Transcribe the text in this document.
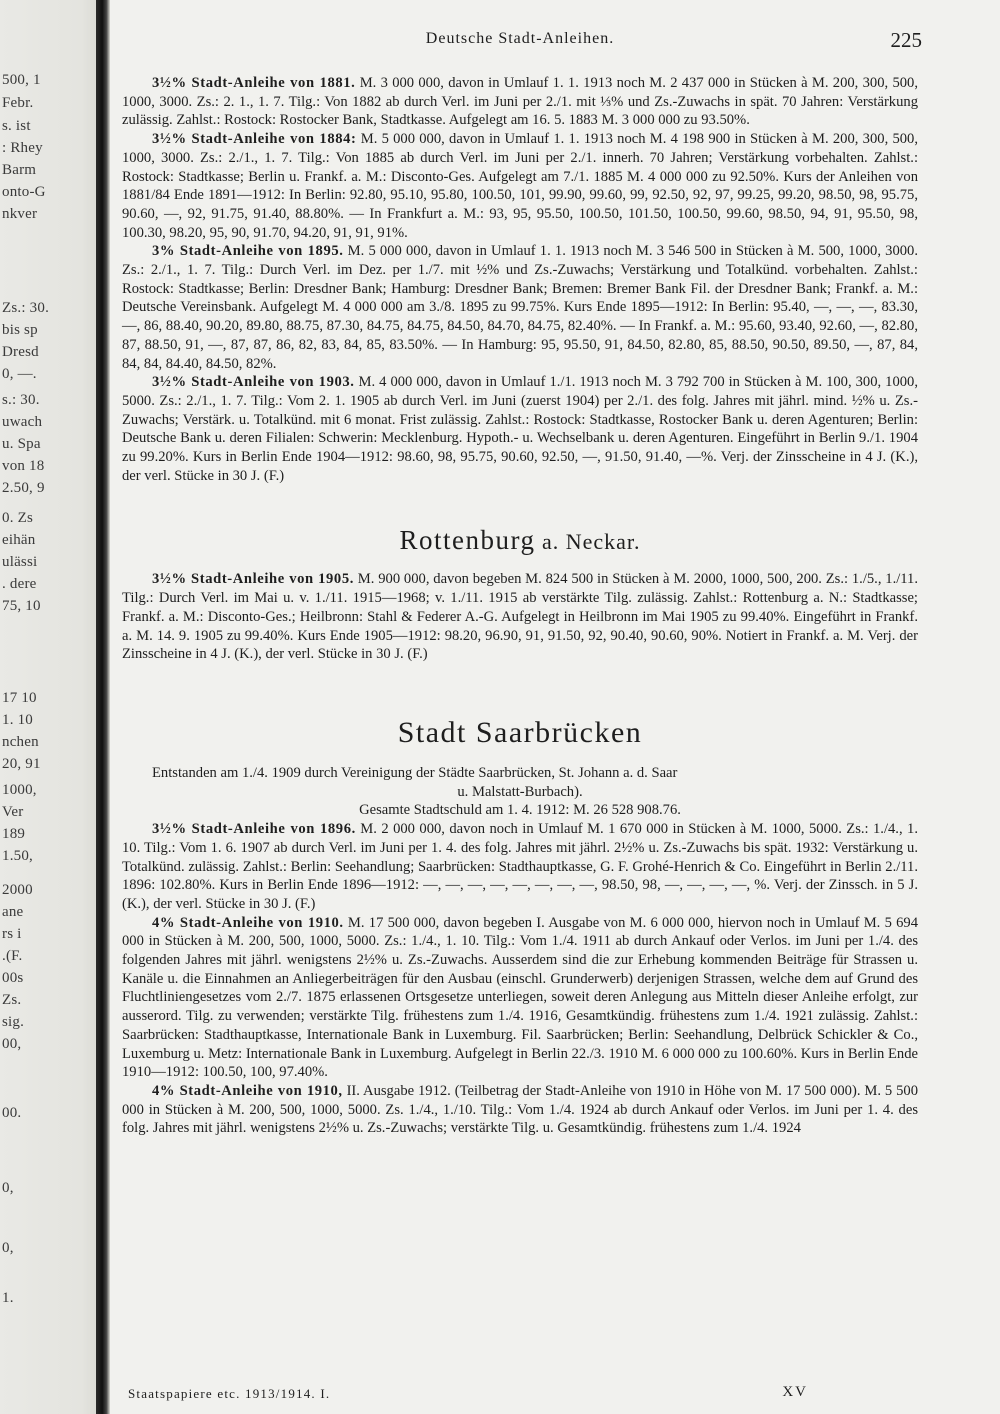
500, 1
Febr.
s. ist
: Rhey
Barm
onto-G
nkver
Zs.: 30.
bis sp
Dresd
0, —.
s.: 30.
uwach
u. Spa
von 18
2.50, 9
0. Zs
eihän
ulässi
. dere
75, 10
17 10
1. 10
nchen
20, 91
1000,
Ver
189
1.50,
2000
ane
rs i
.(F.
00s
Zs.
sig.
00,
00.
0,
0,
1.
Deutsche Stadt-Anleihen.	225

3½% Stadt-Anleihe von 1881. M. 3 000 000, davon in Umlauf 1. 1. 1913 noch M. 2 437 000 in Stücken à M. 200, 300, 500, 1000, 3000. Zs.: 2. 1., 1. 7. Tilg.: Von 1882 ab durch Verl. im Juni per 2./1. mit ⅓% und Zs.-Zuwachs in spät. 70 Jahren: Verstärkung zulässig. Zahlst.: Rostock: Rostocker Bank, Stadtkasse. Aufgelegt am 16. 5. 1883 M. 3 000 000 zu 93.50%.

3½% Stadt-Anleihe von 1884: M. 5 000 000, davon in Umlauf 1. 1. 1913 noch M. 4 198 900 in Stücken à M. 200, 300, 500, 1000, 3000. Zs.: 2./1., 1. 7. Tilg.: Von 1885 ab durch Verl. im Juni per 2./1. innerh. 70 Jahren; Verstärkung vorbehalten. Zahlst.: Rostock: Stadtkasse; Berlin u. Frankf. a. M.: Disconto-Ges. Aufgelegt am 7./1. 1885 M. 4 000 000 zu 92.50%. Kurs der Anleihen von 1881/84 Ende 1891—1912: In Berlin: 92.80, 95.10, 95.80, 100.50, 101, 99.90, 99.60, 99, 92.50, 92, 97, 99.25, 99.20, 98.50, 98, 95.75, 90.60, —, 92, 91.75, 91.40, 88.80%. — In Frankfurt a. M.: 93, 95, 95.50, 100.50, 101.50, 100.50, 99.60, 98.50, 94, 91, 95.50, 98, 100.30, 98.20, 95, 90, 91.70, 94.20, 91, 91, 91%.

3% Stadt-Anleihe von 1895. M. 5 000 000, davon in Umlauf 1. 1. 1913 noch M. 3 546 500 in Stücken à M. 500, 1000, 3000. Zs.: 2./1., 1. 7. Tilg.: Durch Verl. im Dez. per 1./7. mit ½% und Zs.-Zuwachs; Verstärkung und Totalkünd. vorbehalten. Zahlst.: Rostock: Stadtkasse; Berlin: Dresdner Bank; Hamburg: Dresdner Bank; Bremen: Bremer Bank Fil. der Dresdner Bank; Frankf. a. M.: Deutsche Vereinsbank. Aufgelegt M. 4 000 000 am 3./8. 1895 zu 99.75%. Kurs Ende 1895—1912: In Berlin: 95.40, —, —, —, 83.30, —, 86, 88.40, 90.20, 89.80, 88.75, 87.30, 84.75, 84.75, 84.50, 84.70, 84.75, 82.40%. — In Frankf. a. M.: 95.60, 93.40, 92.60, —, 82.80, 87, 88.50, 91, —, 87, 87, 86, 82, 83, 84, 85, 83.50%. — In Hamburg: 95, 95.50, 91, 84.50, 82.80, 85, 88.50, 90.50, 89.50, —, 87, 84, 84, 84, 84.40, 84.50, 82%.

3½% Stadt-Anleihe von 1903. M. 4 000 000, davon in Umlauf 1./1. 1913 noch M. 3 792 700 in Stücken à M. 100, 300, 1000, 5000. Zs.: 2./1., 1. 7. Tilg.: Vom 2. 1. 1905 ab durch Verl. im Juni (zuerst 1904) per 2./1. des folg. Jahres mit jährl. mind. ½% u. Zs.-Zuwachs; Verstärk. u. Totalkünd. mit 6 monat. Frist zulässig. Zahlst.: Rostock: Stadtkasse, Rostocker Bank u. deren Agenturen; Berlin: Deutsche Bank u. deren Filialen: Schwerin: Mecklenburg. Hypoth.- u. Wechselbank u. deren Agenturen. Eingeführt in Berlin 9./1. 1904 zu 99.20%. Kurs in Berlin Ende 1904—1912: 98.60, 98, 95.75, 90.60, 92.50, —, 91.50, 91.40, —%. Verj. der Zinsscheine in 4 J. (K.), der verl. Stücke in 30 J. (F.)

Rottenburg a. Neckar.

3½% Stadt-Anleihe von 1905. M. 900 000, davon begeben M. 824 500 in Stücken à M. 2000, 1000, 500, 200. Zs.: 1./5., 1./11. Tilg.: Durch Verl. im Mai u. v. 1./11. 1915—1968; v. 1./11. 1915 ab verstärkte Tilg. zulässig. Zahlst.: Rottenburg a. N.: Stadtkasse; Frankf. a. M.: Disconto-Ges.; Heilbronn: Stahl & Federer A.-G. Aufgelegt in Heilbronn im Mai 1905 zu 99.40%. Eingeführt in Frankf. a. M. 14. 9. 1905 zu 99.40%. Kurs Ende 1905—1912: 98.20, 96.90, 91, 91.50, 92, 90.40, 90.60, 90%. Notiert in Frankf. a. M. Verj. der Zinsscheine in 4 J. (K.), der verl. Stücke in 30 J. (F.)

Stadt Saarbrücken

Entstanden am 1./4. 1909 durch Vereinigung der Städte Saarbrücken, St. Johann a. d. Saar

u. Malstatt-Burbach).

Gesamte Stadtschuld am 1. 4. 1912: M. 26 528 908.76.

3½% Stadt-Anleihe von 1896. M. 2 000 000, davon noch in Umlauf M. 1 670 000 in Stücken à M. 1000, 5000. Zs.: 1./4., 1. 10. Tilg.: Vom 1. 6. 1907 ab durch Verl. im Juni per 1. 4. des folg. Jahres mit jährl. 2½% u. Zs.-Zuwachs bis spät. 1932: Verstärkung u. Totalkünd. zulässig. Zahlst.: Berlin: Seehandlung; Saarbrücken: Stadthauptkasse, G. F. Grohé-Henrich & Co. Eingeführt in Berlin 2./11. 1896: 102.80%. Kurs in Berlin Ende 1896—1912: —, —, —, —, —, —, —, —, 98.50, 98, —, —, —, —, %. Verj. der Zinssch. in 5 J. (K.), der verl. Stücke in 30 J. (F.)

4% Stadt-Anleihe von 1910. M. 17 500 000, davon begeben I. Ausgabe von M. 6 000 000, hiervon noch in Umlauf M. 5 694 000 in Stücken à M. 200, 500, 1000, 5000. Zs.: 1./4., 1. 10. Tilg.: Vom 1./4. 1911 ab durch Ankauf oder Verlos. im Juni per 1./4. des folgenden Jahres mit jährl. wenigstens 2½% u. Zs.-Zuwachs. Ausserdem sind die zur Erhebung kommenden Beiträge für Strassen u. Kanäle u. die Einnahmen an Anliegerbeiträgen für den Ausbau (einschl. Grunderwerb) derjenigen Strassen, welche dem auf Grund des Fluchtliniengesetzes vom 2./7. 1875 erlassenen Ortsgesetze unterliegen, soweit deren Anlegung aus Mitteln dieser Anleihe erfolgt, zur ausserord. Tilg. zu verwenden; verstärkte Tilg. frühestens zum 1./4. 1916, Gesamtkündig. frühestens zum 1./4. 1921 zulässig. Zahlst.: Saarbrücken: Stadthauptkasse, Internationale Bank in Luxemburg. Fil. Saarbrücken; Berlin: Seehandlung, Delbrück Schickler & Co., Luxemburg u. Metz: Internationale Bank in Luxemburg. Aufgelegt in Berlin 22./3. 1910 M. 6 000 000 zu 100.60%. Kurs in Berlin Ende 1910—1912: 100.50, 100, 97.40%.

4% Stadt-Anleihe von 1910, II. Ausgabe 1912. (Teilbetrag der Stadt-Anleihe von 1910 in Höhe von M. 17 500 000). M. 5 500 000 in Stücken à M. 200, 500, 1000, 5000. Zs. 1./4., 1./10. Tilg.: Vom 1./4. 1924 ab durch Ankauf oder Verlos. im Juni per 1. 4. des folg. Jahres mit jährl. wenigstens 2½% u. Zs.-Zuwachs; verstärkte Tilg. u. Gesamtkündig. frühestens zum 1./4. 1924

Staatspapiere etc. 1913/1914. I.	XV
